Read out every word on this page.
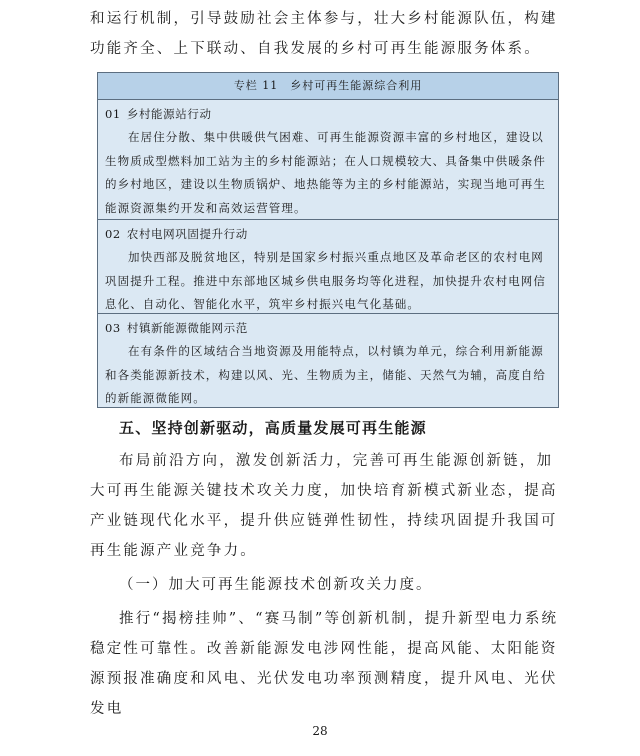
和运行机制，引导鼓励社会主体参与，壮大乡村能源队伍，构建功能齐全、上下联动、自我发展的乡村可再生能源服务体系。

专栏 11　乡村可再生能源综合利用
01 乡村能源站行动
在居住分散、集中供暖供气困难、可再生能源资源丰富的乡村地区，建设以生物质成型燃料加工站为主的乡村能源站；在人口规模较大、具备集中供暖条件的乡村地区，建设以生物质锅炉、地热能等为主的乡村能源站，实现当地可再生能源资源集约开发和高效运营管理。
02 农村电网巩固提升行动
加快西部及脱贫地区，特别是国家乡村振兴重点地区及革命老区的农村电网巩固提升工程。推进中东部地区城乡供电服务均等化进程，加快提升农村电网信息化、自动化、智能化水平，筑牢乡村振兴电气化基础。
03 村镇新能源微能网示范
在有条件的区域结合当地资源及用能特点，以村镇为单元，综合利用新能源和各类能源新技术，构建以风、光、生物质为主，储能、天然气为辅，高度自给的新能源微能网。
五、坚持创新驱动，高质量发展可再生能源

布局前沿方向，激发创新活力，完善可再生能源创新链，加大可再生能源关键技术攻关力度，加快培育新模式新业态，提高产业链现代化水平，提升供应链弹性韧性，持续巩固提升我国可再生能源产业竞争力。

（一）加大可再生能源技术创新攻关力度。

推行“揭榜挂帅”、“赛马制”等创新机制，提升新型电力系统稳定性可靠性。改善新能源发电涉网性能，提高风能、太阳能资源预报准确度和风电、光伏发电功率预测精度，提升风电、光伏发电

28
